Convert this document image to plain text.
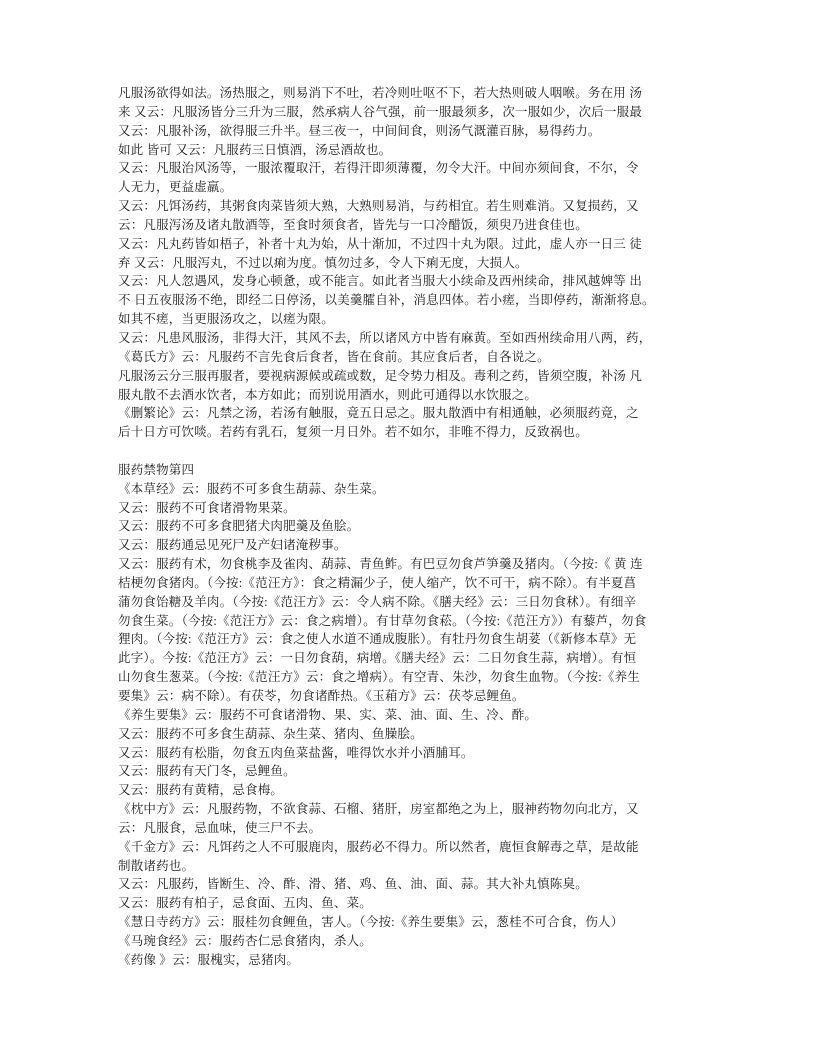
凡服汤欲得如法。汤热服之，则易消下不吐，若冷则吐呕不下，若大热则破人咽喉。务在用 汤
来 又云：凡服汤皆分三升为三服，然承病人谷气强，前一服最须多，次一服如少，次后一服最
又云：凡服补汤，欲得服三升半。昼三夜一，中间间食，则汤气溉灌百脉，易得药力。
如此 皆可 又云：凡服药三日慎酒，汤忌酒故也。
又云：凡服治风汤等，一服浓覆取汗，若得汗即须薄覆，勿令大汗。中间亦须间食，不尔，令
人无力，更益虚羸。
又云：凡饵汤药，其粥食肉菜皆须大熟，大熟则易消，与药相宜。若生则难消。又复损药，又
云：凡服泻汤及诸丸散酒等，至食时须食者，皆先与一口冷醋饭，须臾乃进食佳也。
又云：凡丸药皆如梧子，补者十丸为始，从十渐加，不过四十丸为限。过此，虚人亦一日三 徒
弃 又云：凡服泻丸，不过以痢为度。慎勿过多，令人下痢无度，大损人。
又云：凡人忽遇风，发身心顿惫，或不能言。如此者当服大小续命及西州续命，排风越婢等 出
不 日五夜服汤不绝，即经二日停汤，以美羹臛自补，消息四体。若小瘥，当即停药，渐渐将息。
如其不瘥，当更服汤攻之，以瘥为限。
又云：凡患风服汤，非得大汗，其风不去，所以诸风方中皆有麻黄。至如西州续命用八两，药，
《葛氏方》云：凡服药不言先食后食者，皆在食前。其应食后者，自各说之。
凡服汤云分三服再服者，要视病源候或疏或数，足令势力相及。毒利之药，皆须空腹，补汤 凡
服丸散不去酒水饮者，本方如此；而别说用酒水，则此可通得以水饮服之。
《删繁论》云：凡禁之汤，若汤有触服，竟五日忌之。服丸散酒中有相通触，必须服药竟，之
后十日方可饮啖。若药有乳石，复须一月日外。若不如尔，非唯不得力，反致祸也。

服药禁物第四
《本草经》云：服药不可多食生葫蒜、杂生菜。
又云：服药不可食诸滑物果菜。
又云：服药不可多食肥猪犬肉肥羹及鱼脍。
又云：服药通忌见死尸及产妇诸淹秽事。
又云：服药有术，勿食桃李及雀肉、葫蒜、青鱼鲊。有巴豆勿食芦笋羹及猪肉。（今按:《 黄 连
桔梗勿食猪肉。（今按:《范汪方》：食之精漏少子，使人缩产，饮不可干，病不除）。有半夏菖
蒲勿食饴糖及羊肉。（今按:《范汪方》云：令人病不除。《膳夫经》云：三日勿食秫）。有细辛
勿食生菜。（今按:《范汪方》云：食之病增）。有甘草勿食菘。（今按:《范汪方》）有藜芦，勿食
狸肉。（今按:《范汪方》云：食之使人水道不通成腹胀）。有牡丹勿食生胡荽（《新修本草》无
此字）。今按:《范汪方》云：一日勿食葫，病增。《膳夫经》云：二日勿食生蒜，病增）。有恒
山勿食生葱菜。（今按:《范汪方》云：食之增病）。有空青、朱沙，勿食生血物。（今按:《养生
要集》云：病不除）。有茯苓，勿食诸酢热。《玉葙方》云：茯苓忌鲤鱼。
《养生要集》云：服药不可食诸滑物、果、实、菜、油、面、生、冷、酢。
又云：服药不可多食生葫蒜、杂生菜、猪肉、鱼臊脍。
又云：服药有松脂，勿食五肉鱼菜盐酱，唯得饮水并小酒脯耳。
又云：服药有天门冬，忌鲤鱼。
又云：服药有黄精，忌食梅。
《枕中方》云：凡服药物，不欲食蒜、石榴、猪肝，房室都绝之为上，服神药物勿向北方，又
云：凡服食，忌血味，使三尸不去。
《千金方》云：凡饵药之人不可服鹿肉，服药必不得力。所以然者，鹿恒食解毒之草，是故能
制散诸药也。
又云：凡服药，皆断生、冷、酢、滑、猪、鸡、鱼、油、面、蒜。其大补丸慎陈臭。
又云：服药有柏子，忌食面、五肉、鱼、菜。
《慧日寺药方》云：服桂勿食鲤鱼，害人。（今按:《养生要集》云，葱桂不可合食，伤人）
《马琬食经》云：服药杏仁忌食猪肉，杀人。
《药像 》云：服槐实，忌猪肉。
